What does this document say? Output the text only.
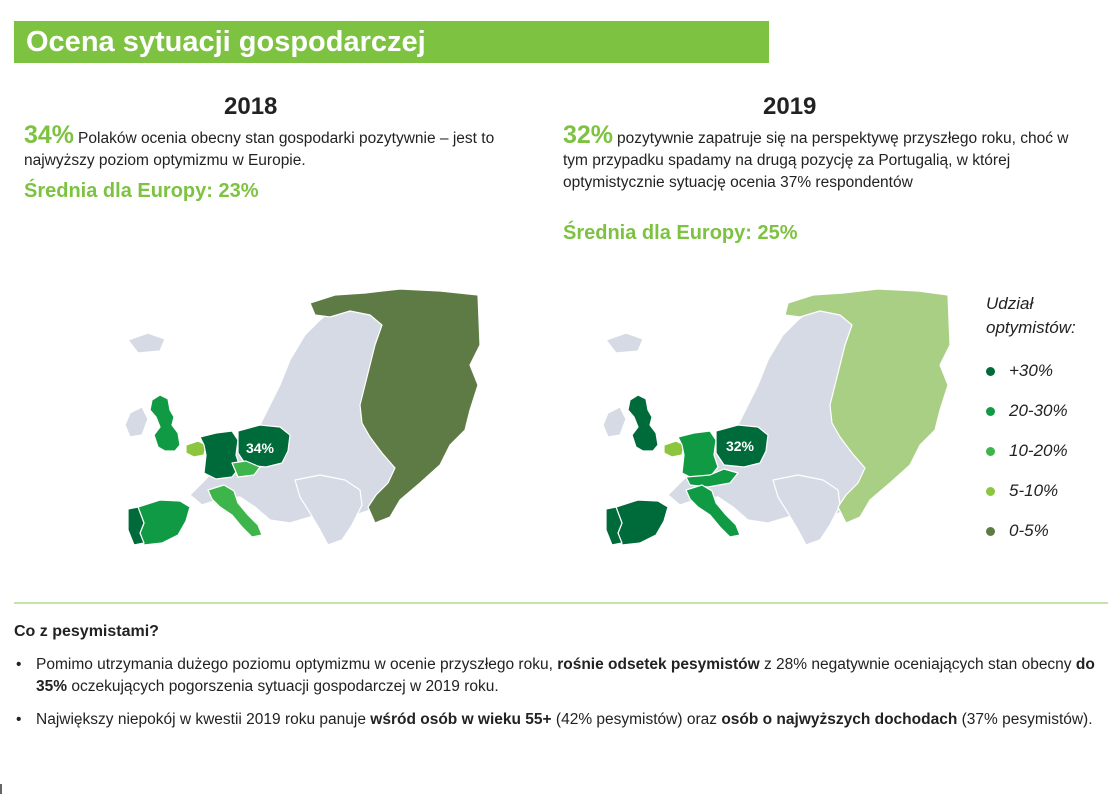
Ocena sytuacji gospodarczej
2018
34% Polaków ocenia obecny stan gospodarki pozytywnie – jest to najwyższy poziom optymizmu w Europie.
Średnia dla Europy: 23%
2019
32% pozytywnie zapatruje się na perspektywę przyszłego roku, choć w tym przypadku spadamy na drugą pozycję za Portugalią, w której optymistycznie sytuację ocenia 37% respondentów
Średnia dla Europy: 25%
34%	32%
Udział optymistów:
+30%
20-30%
10-20%
5-10%
0-5%
Co z pesymistami?
• Pomimo utrzymania dużego poziomu optymizmu w ocenie przyszłego roku, rośnie odsetek pesymistów z 28% negatywnie oceniających stan obecny do 35% oczekujących pogorszenia sytuacji gospodarczej w 2019 roku.
• Największy niepokój w kwestii 2019 roku panuje wśród osób w wieku 55+ (42% pesymistów) oraz osób o najwyższych dochodach (37% pesymistów).
